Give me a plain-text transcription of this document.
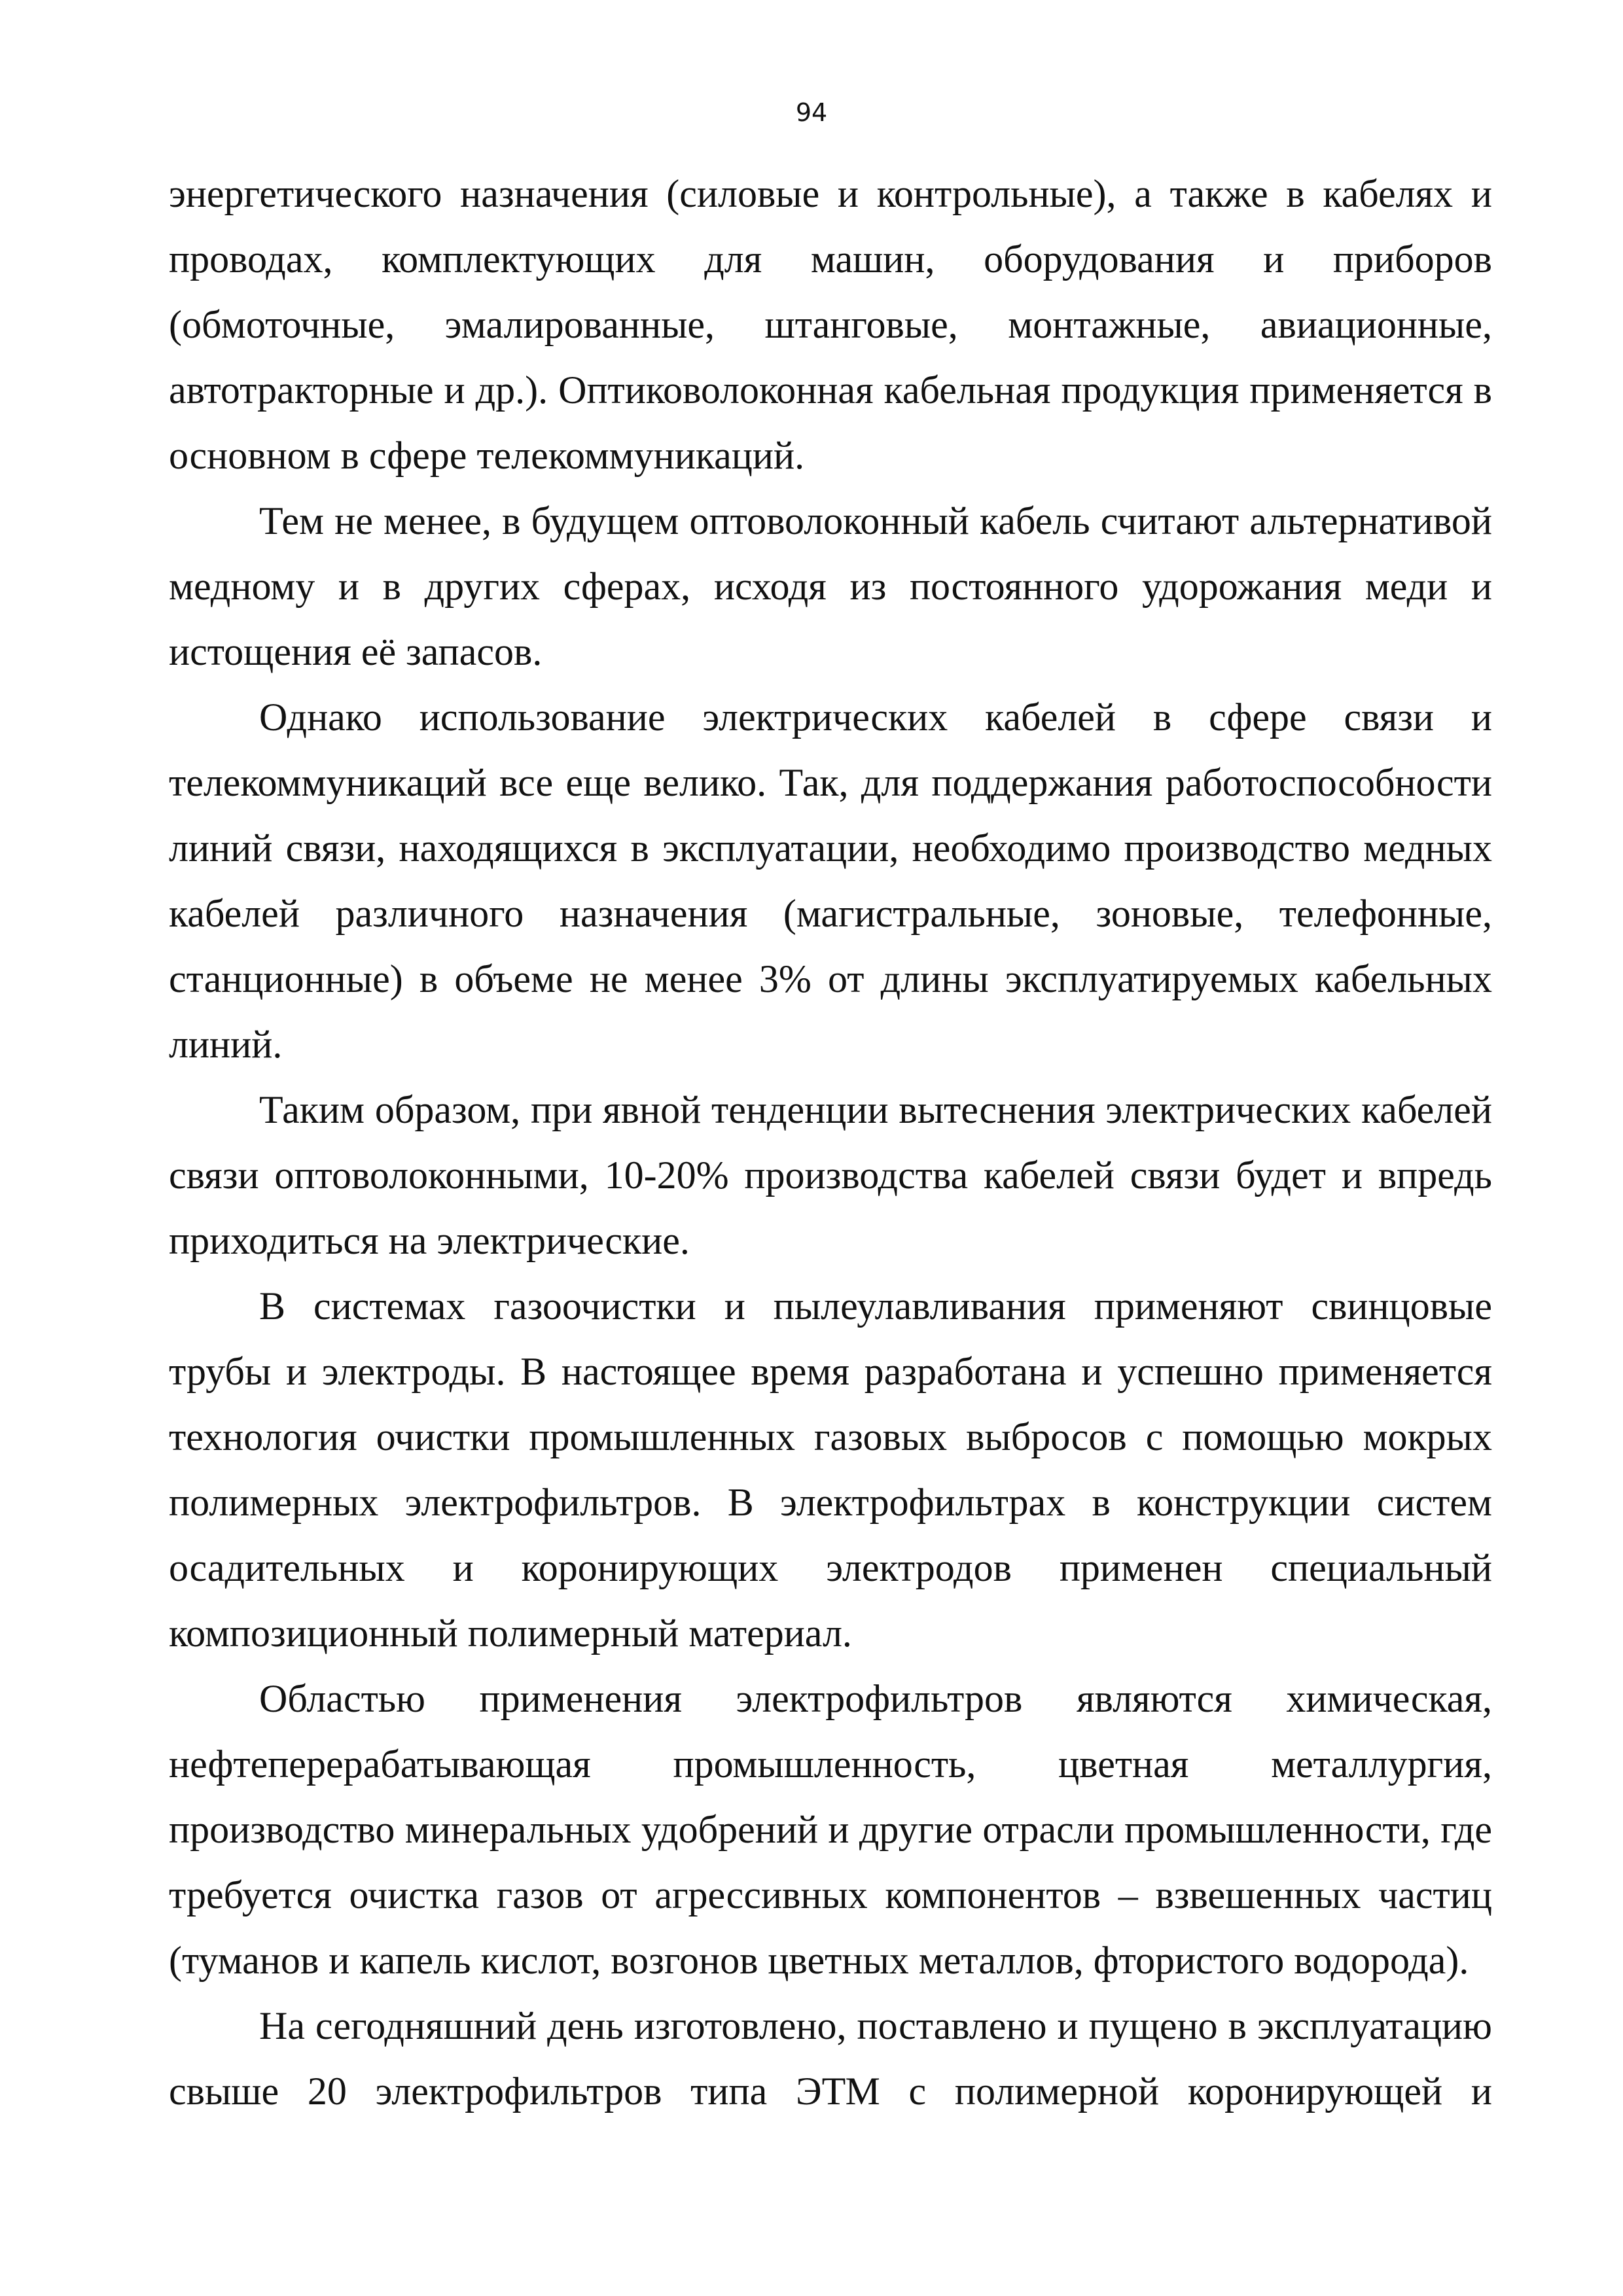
94

энергетического назначения (силовые и контрольные), а также в кабелях и проводах, комплектующих для машин, оборудования и приборов (обмоточные, эмалированные, штанговые, монтажные, авиационные, автотракторные и др.). Оптиковолоконная кабельная продукция применяется в основном в сфере телекоммуникаций.

Тем не менее, в будущем оптоволоконный кабель считают альтернативой медному и в других сферах, исходя из постоянного удорожания меди и истощения её запасов.

Однако использование электрических кабелей в сфере связи и телекоммуникаций все еще велико. Так, для поддержания работоспособности линий связи, находящихся в эксплуатации, необходимо производство медных кабелей различного назначения (магистральные, зоновые, телефонные, станционные) в объеме не менее 3% от длины эксплуатируемых кабельных линий.

Таким образом, при явной тенденции вытеснения электрических кабелей связи оптоволоконными, 10-20% производства кабелей связи будет и впредь приходиться на электрические.

В системах газоочистки и пылеулавливания применяют свинцовые трубы и электроды. В настоящее время разработана и успешно применяется технология очистки промышленных газовых выбросов с помощью мокрых полимерных электрофильтров. В электрофильтрах в конструкции систем осадительных и коронирующих электродов применен специальный композиционный полимерный материал.

Областью применения электрофильтров являются химическая, нефтеперерабатывающая промышленность, цветная металлургия, производство минеральных удобрений и другие отрасли промышленности, где требуется очистка газов от агрессивных компонентов – взвешенных частиц (туманов и капель кислот, возгонов цветных металлов, фтористого водорода).

На сегодняшний день изготовлено, поставлено и пущено в эксплуатацию свыше 20 электрофильтров типа ЭТМ с полимерной коронирующей и
